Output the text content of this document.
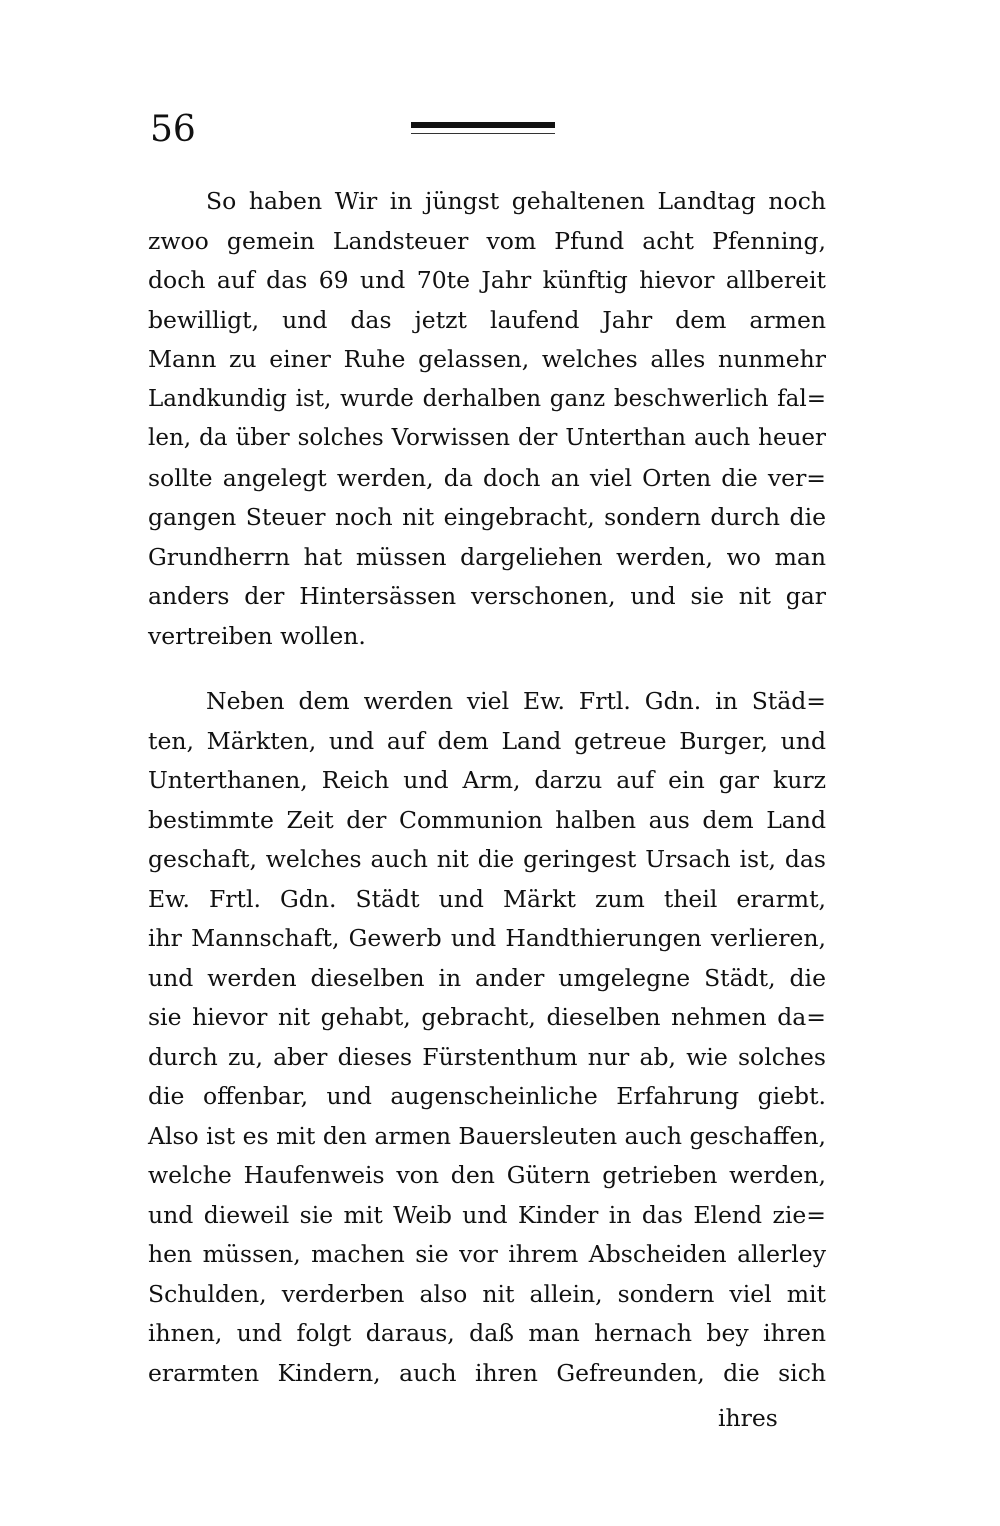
56

So haben Wir in jüngst gehaltenen Landtag noch
zwoo gemein Landsteuer vom Pfund acht Pfenning,
doch auf das 69 und 70te Jahr künftig hievor allbereit
bewilligt, und das jetzt laufend Jahr dem armen
Mann zu einer Ruhe gelassen, welches alles nunmehr
Landkundig ist, wurde derhalben ganz beschwerlich fal=
len, da über solches Vorwissen der Unterthan auch heuer
sollte angelegt werden, da doch an viel Orten die ver=
gangen Steuer noch nit eingebracht, sondern durch die
Grundherrn hat müssen dargeliehen werden, wo man
anders der Hintersässen verschonen, und sie nit gar
vertreiben wollen.
Neben dem werden viel Ew. Frtl. Gdn. in Städ=
ten, Märkten, und auf dem Land getreue Burger, und
Unterthanen, Reich und Arm, darzu auf ein gar kurz
bestimmte Zeit der Communion halben aus dem Land
geschaft, welches auch nit die geringest Ursach ist, das
Ew. Frtl. Gdn. Städt und Märkt zum theil erarmt,
ihr Mannschaft, Gewerb und Handthierungen verlieren,
und werden dieselben in ander umgelegne Städt, die
sie hievor nit gehabt, gebracht, dieselben nehmen da=
durch zu, aber dieses Fürstenthum nur ab, wie solches
die offenbar, und augenscheinliche Erfahrung giebt.
Also ist es mit den armen Bauersleuten auch geschaffen,
welche Haufenweis von den Gütern getrieben werden,
und dieweil sie mit Weib und Kinder in das Elend zie=
hen müssen, machen sie vor ihrem Abscheiden allerley
Schulden, verderben also nit allein, sondern viel mit
ihnen, und folgt daraus, daß man hernach bey ihren
erarmten Kindern, auch ihren Gefreunden, die sich

ihres
